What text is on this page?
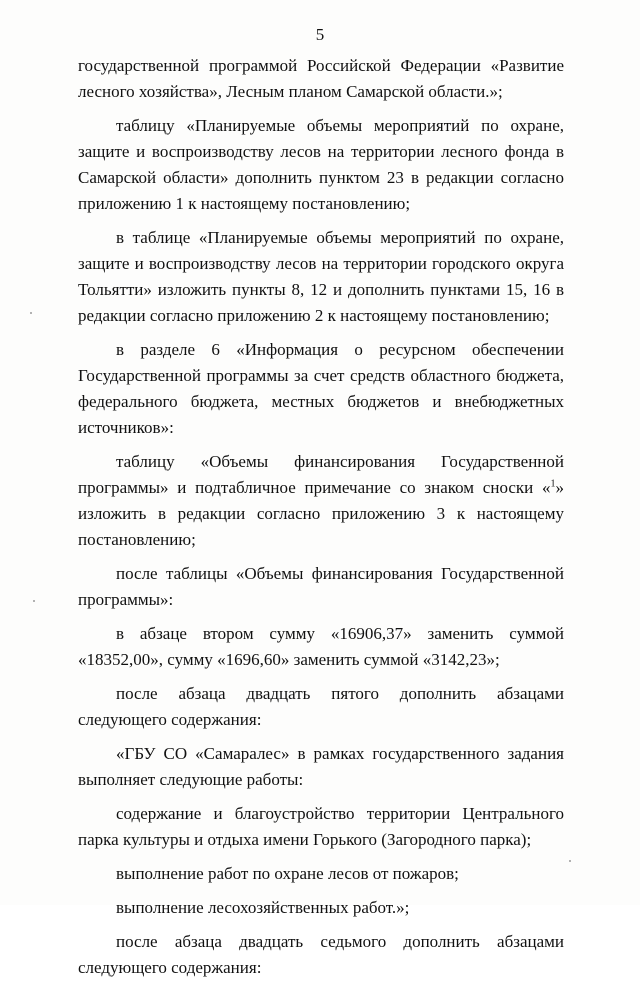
5

государственной программой Российской Федерации «Развитие лесного хозяйства», Лесным планом Самарской области.»;

таблицу «Планируемые объемы мероприятий по охране, защите и воспроизводству лесов на территории лесного фонда в Самарской области» дополнить пунктом 23 в редакции согласно приложению 1 к настоящему постановлению;

в таблице «Планируемые объемы мероприятий по охране, защите и воспроизводству лесов на территории городского округа Тольятти» изложить пункты 8, 12 и дополнить пунктами 15, 16 в редакции согласно приложению 2 к настоящему постановлению;

в разделе 6 «Информация о ресурсном обеспечении Государственной программы за счет средств областного бюджета, федерального бюджета, местных бюджетов и внебюджетных источников»:

таблицу «Объемы финансирования Государственной программы» и подтабличное примечание со знаком сноски «$^1$» изложить в редакции согласно приложению 3 к настоящему постановлению;

после таблицы «Объемы финансирования Государственной программы»:

в абзаце втором сумму «16906,37» заменить суммой «18352,00», сумму «1696,60» заменить суммой «3142,23»;

после абзаца двадцать пятого дополнить абзацами следующего содержания:

«ГБУ СО «Самаралес» в рамках государственного задания выполняет следующие работы:

содержание и благоустройство территории Центрального парка культуры и отдыха имени Горького (Загородного парка);

выполнение работ по охране лесов от пожаров;

выполнение лесохозяйственных работ.»;

после абзаца двадцать седьмого дополнить абзацами следующего содержания:
